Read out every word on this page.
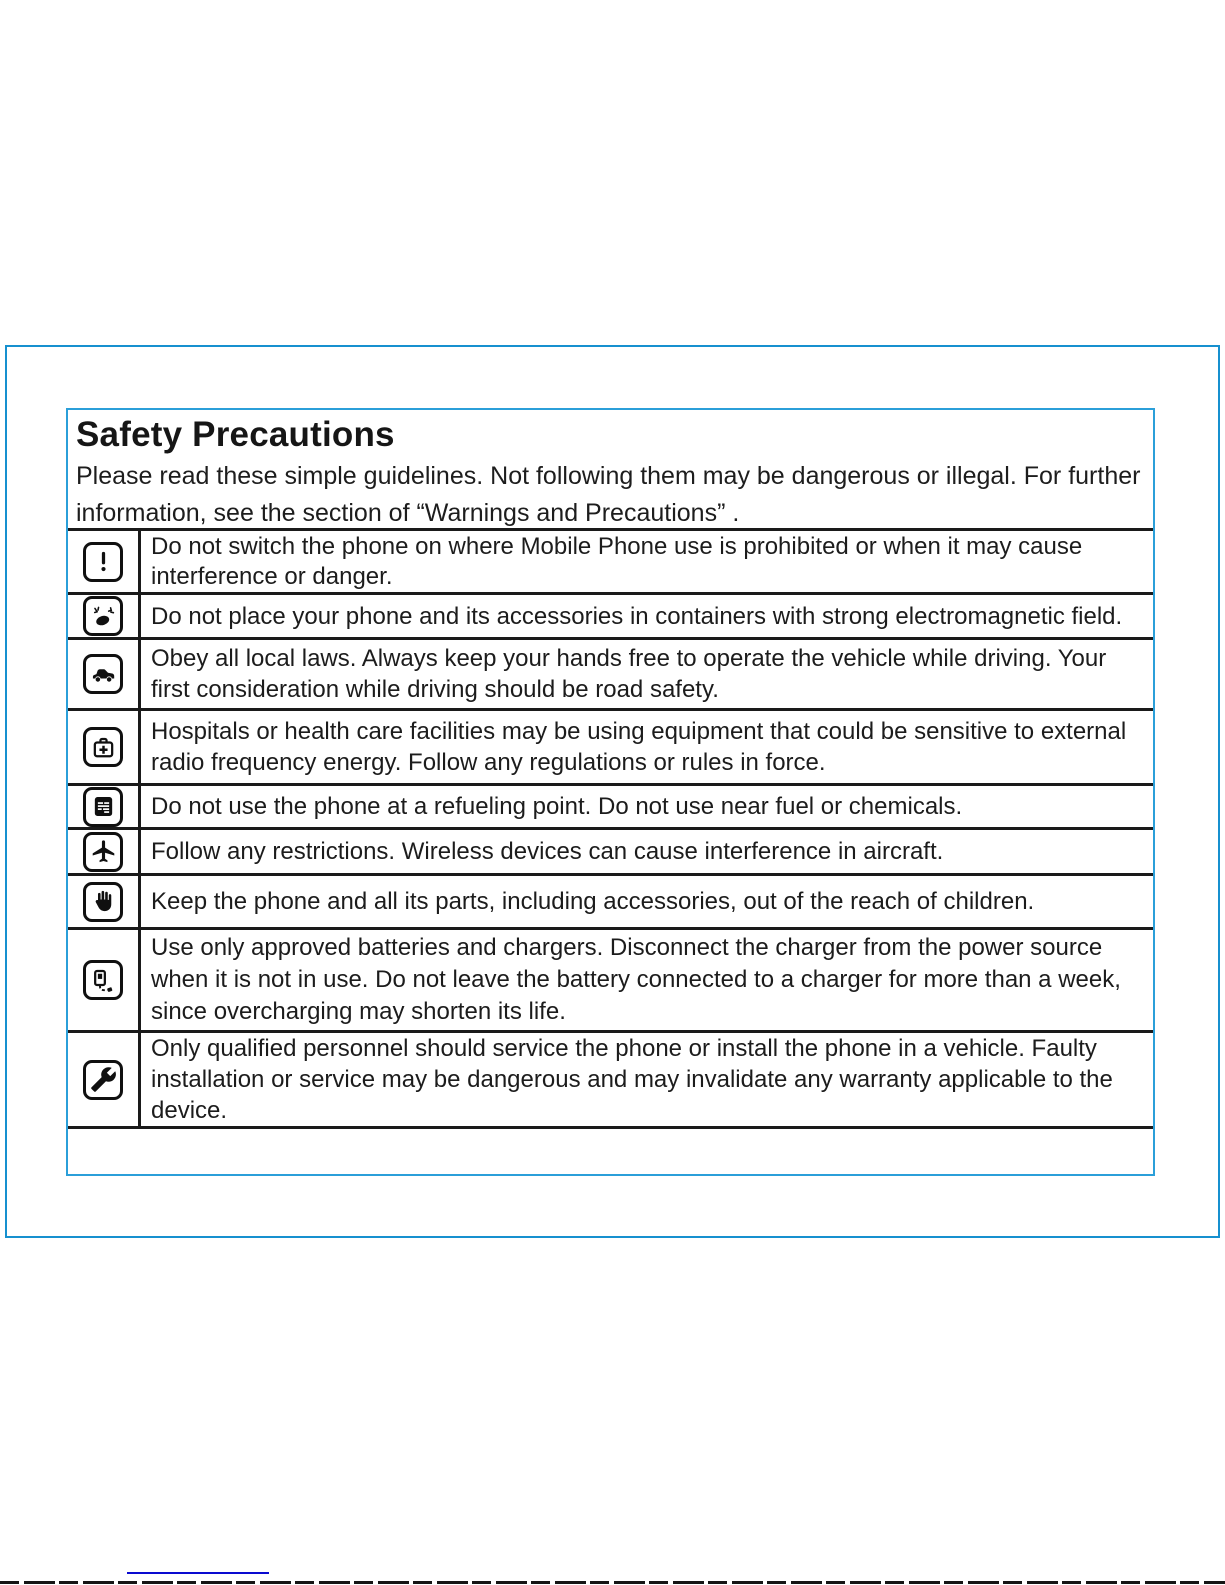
Safety Precautions
Please read these simple guidelines. Not following them may be dangerous or illegal. For further information, see the section of “Warnings and Precautions” .
Do not switch the phone on where Mobile Phone use is prohibited or when it may cause interference or danger.
Do not place your phone and its accessories in containers with strong electromagnetic field.
Obey all local laws. Always keep your hands free to operate the vehicle while driving. Your first consideration while driving should be road safety.
Hospitals or health care facilities may be using equipment that could be sensitive to external radio frequency energy. Follow any regulations or rules in force.
Do not use the phone at a refueling point. Do not use near fuel or chemicals.
Follow any restrictions. Wireless devices can cause interference in aircraft.
Keep the phone and all its parts, including accessories, out of the reach of children.
Use only approved batteries and chargers. Disconnect the charger from the power source when it is not in use. Do not leave the battery connected to a charger for more than a week, since overcharging may shorten its life.
Only qualified personnel should service the phone or install the phone in a vehicle. Faulty installation or service may be dangerous and may invalidate any warranty applicable to the device.
